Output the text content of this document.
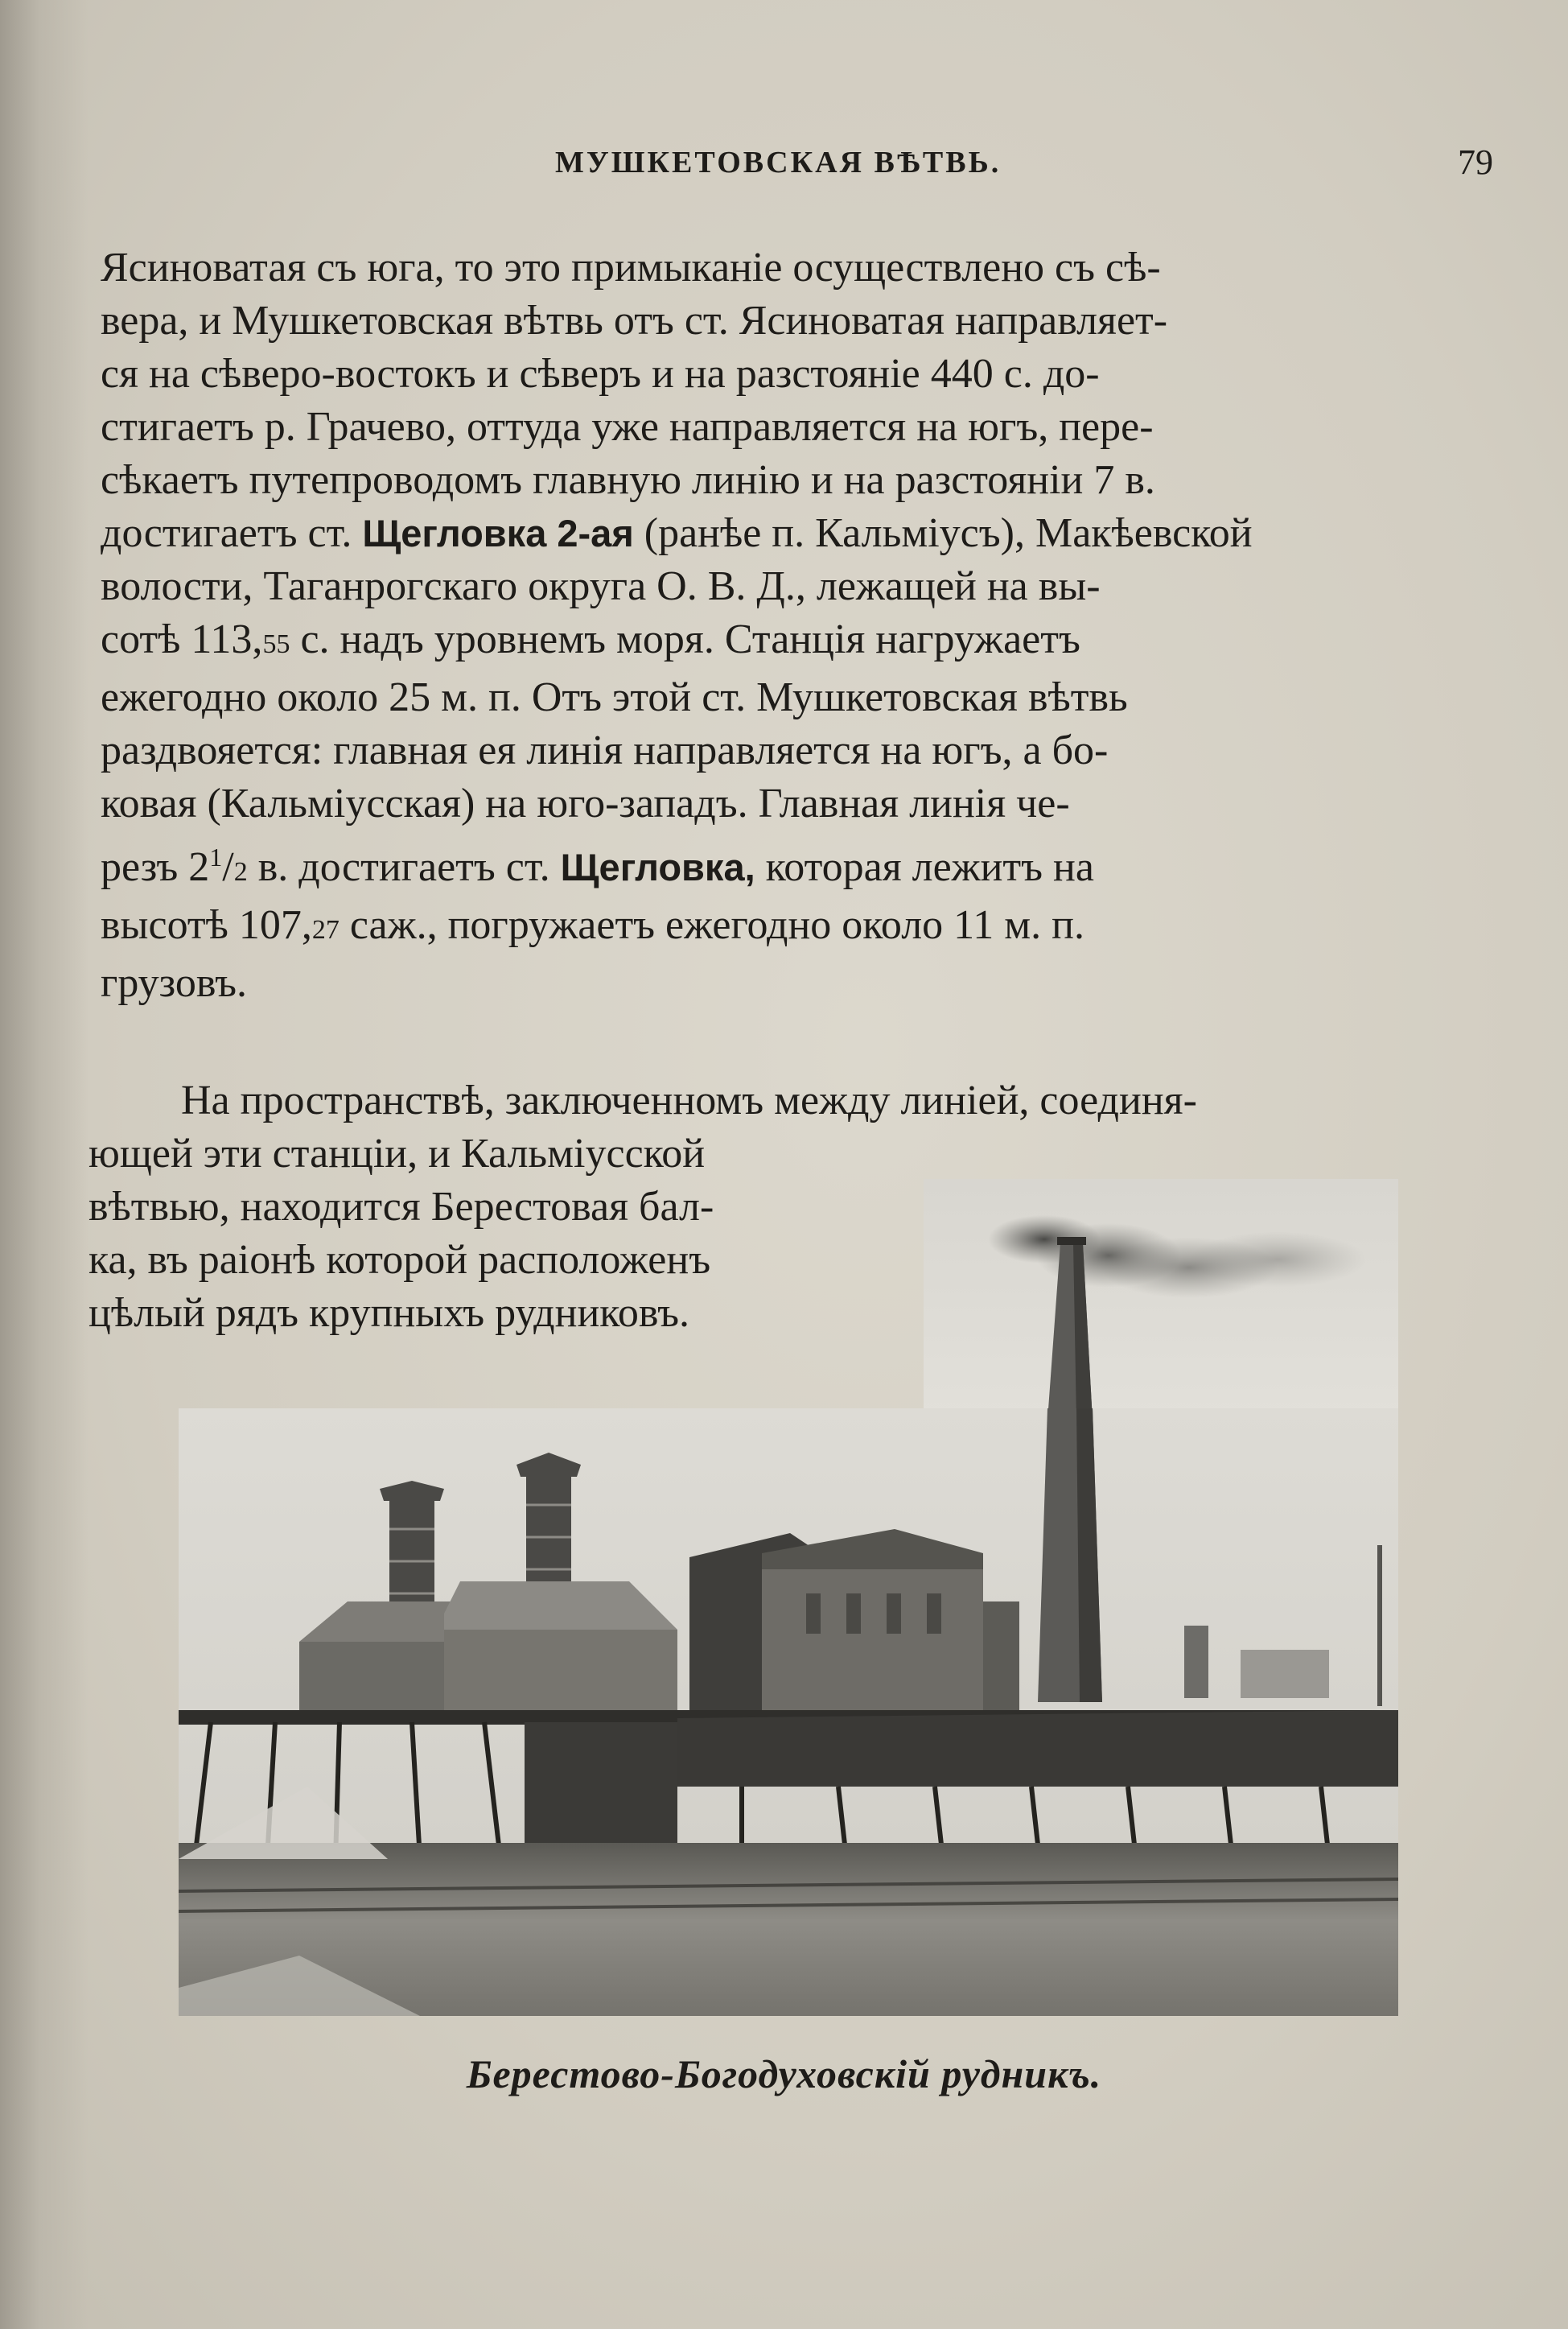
МУШКЕТОВСКАЯ ВѢТВЬ.	79

Ясиноватая съ юга, то это примыканіе осуществлено съ сѣ-

вера, и Мушкетовская вѣтвь отъ ст. Ясиноватая направляет-

ся на сѣверо-востокъ и сѣверъ и на разстояніе 440 с. до-

стигаетъ р. Грачево, оттуда уже направляется на югъ, пере-

сѣкаетъ путепроводомъ главную линію и на разстояніи 7 в.

достигаетъ ст. Щегловка 2-ая (ранѣе п. Кальміусъ), Макѣевской

волости, Таганрогскаго округа О. В. Д., лежащей на вы-

сотѣ 113,55 с. надъ уровнемъ моря. Станція нагружаетъ

ежегодно около 25 м. п. Отъ этой ст. Мушкетовская вѣтвь

раздвояется: главная ея линія направляется на югъ, а бо-

ковая (Кальміусская) на юго-западъ. Главная линія че-

резъ $2^1/2$ в. достигаетъ ст. Щегловка, которая лежитъ на

высотѣ 107,27 саж., погружаетъ ежегодно около 11 м. п.

грузовъ.

На пространствѣ, заключенномъ между линіей, соединя-
ющей эти станціи, и Кальміусской
вѣтвью, находится Берестовая бал-
ка, въ раіонѣ которой расположенъ
цѣлый рядъ крупныхъ рудниковъ.
Берестово-Богодуховскій рудникъ.
